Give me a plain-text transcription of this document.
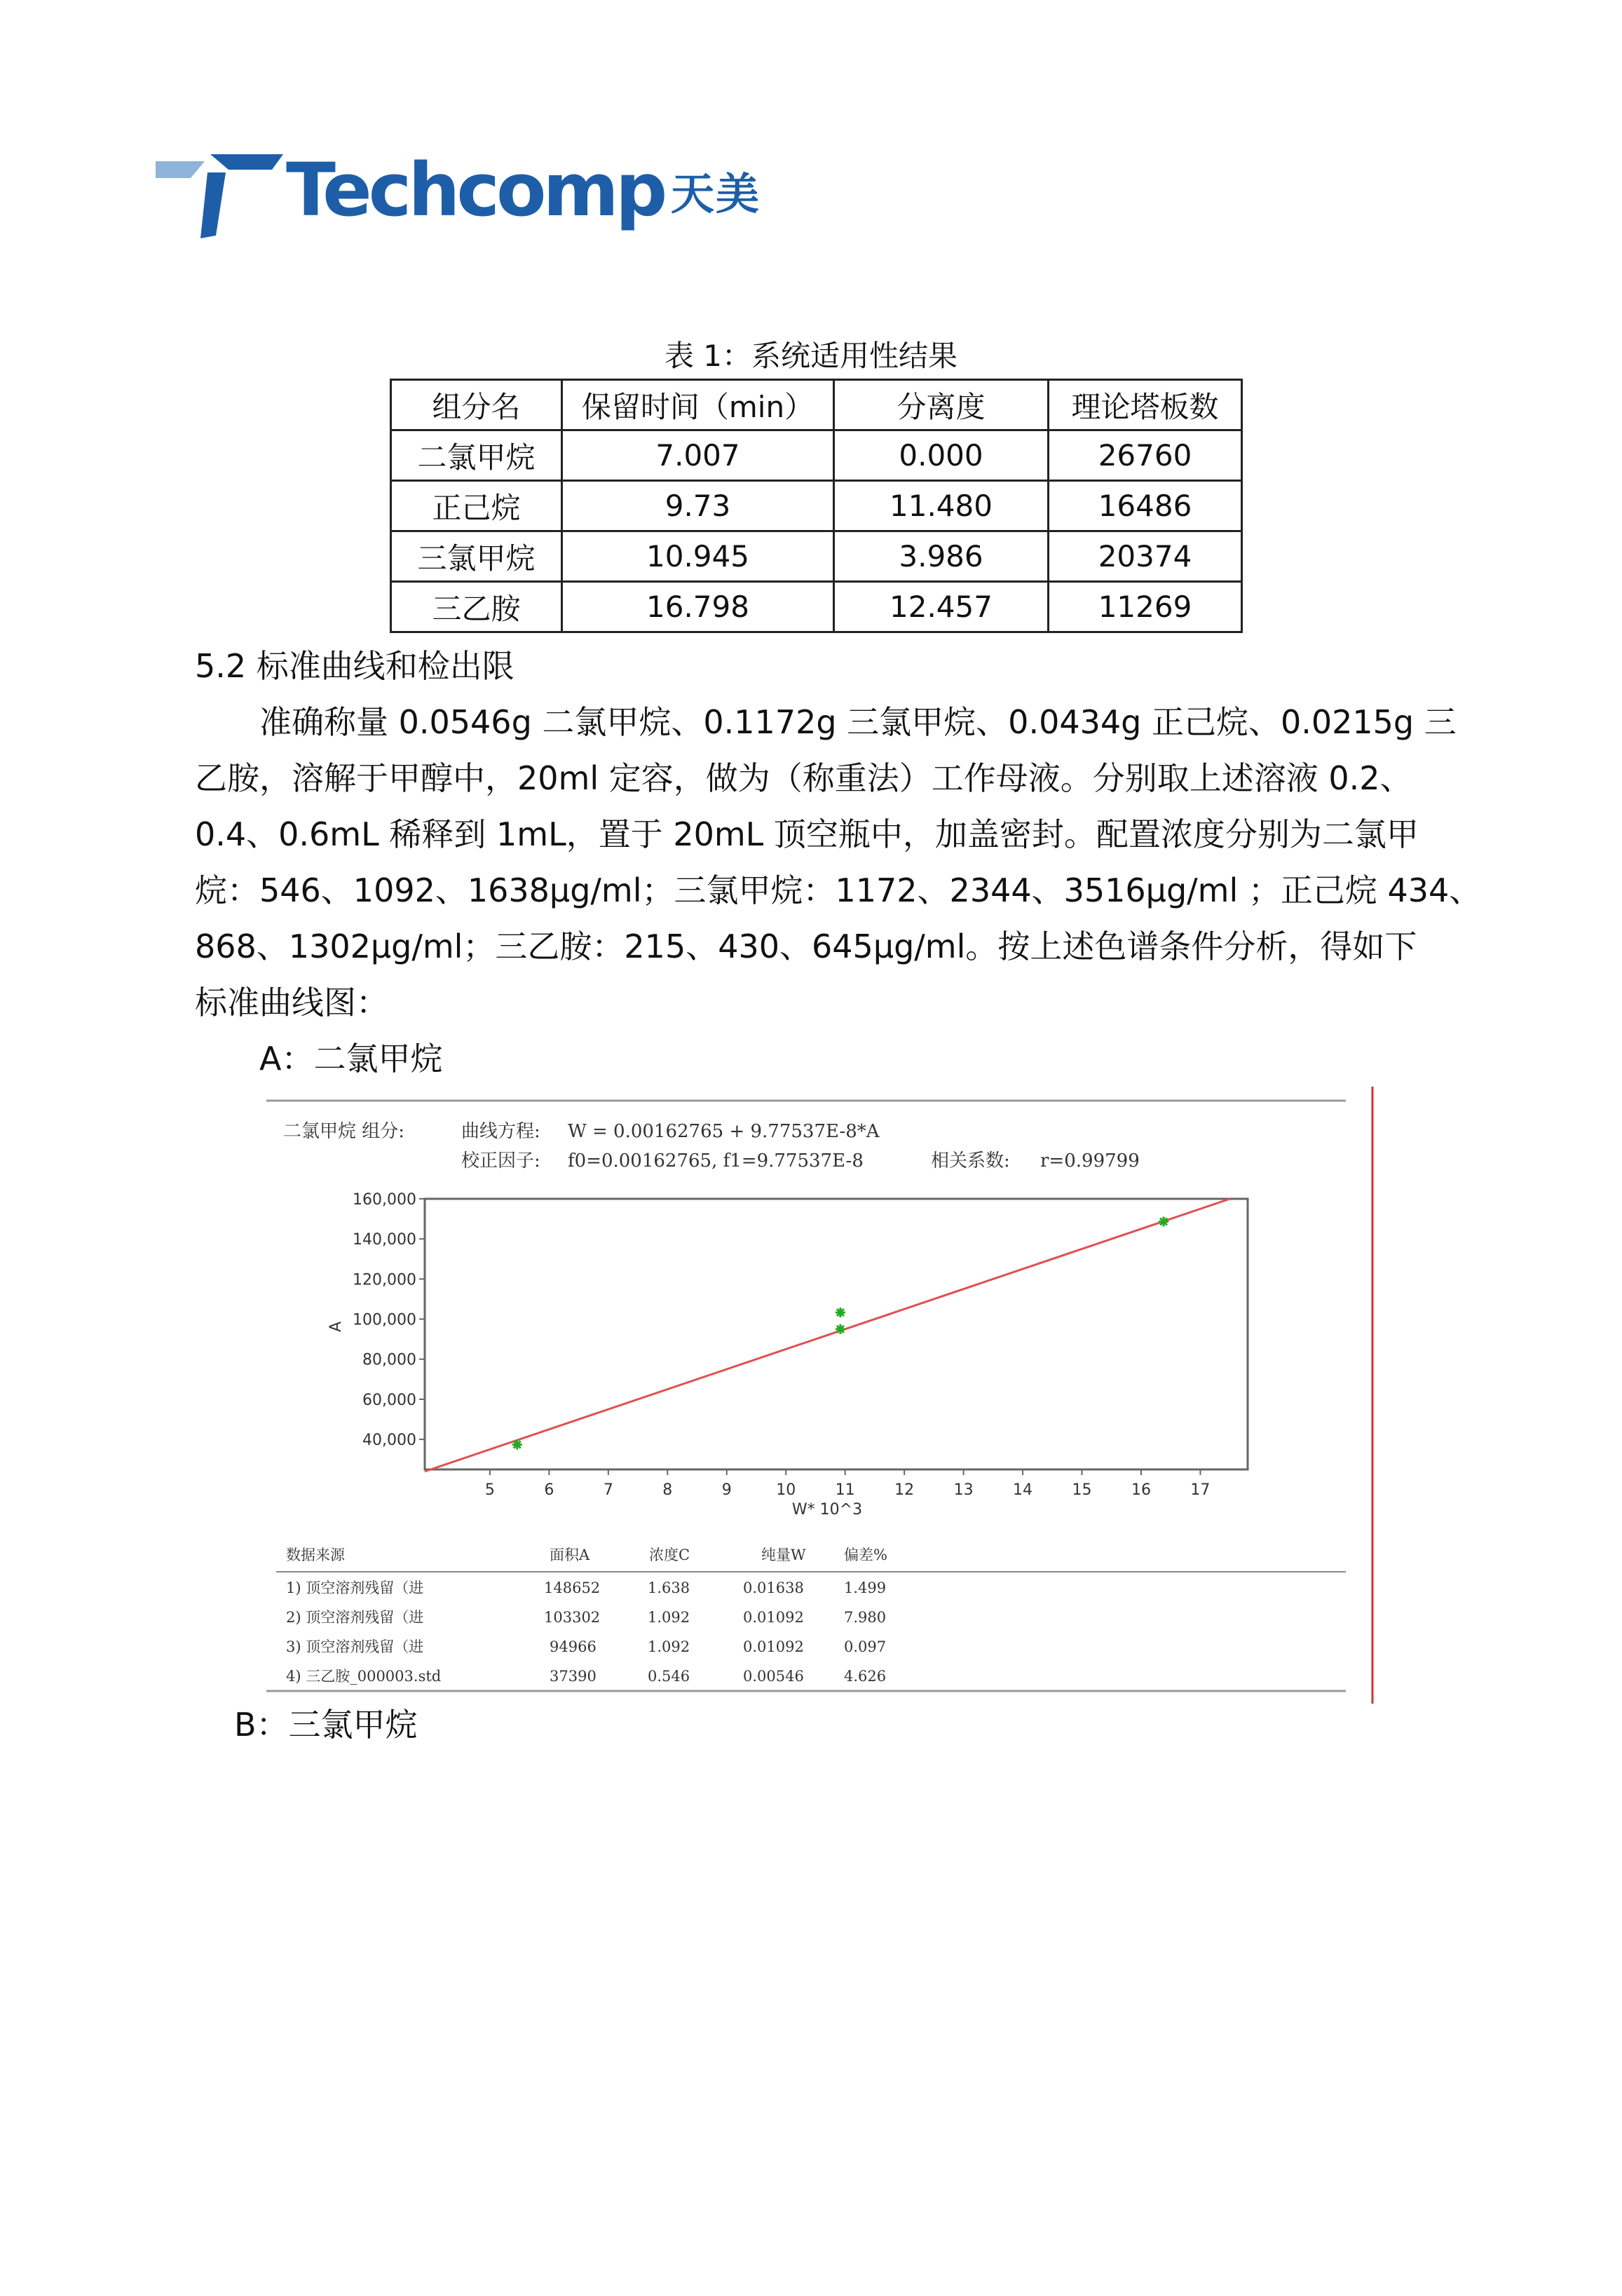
Techcomp 天美
表 1：系统适用性结果
组分名	保留时间（min）	分离度	理论塔板数
二氯甲烷	7.007	0.000	26760
正己烷	9.73	11.480	16486
三氯甲烷	10.945	3.986	20374
三乙胺	16.798	12.457	11269
5.2 标准曲线和检出限
准确称量 0.0546g 二氯甲烷、0.1172g 三氯甲烷、0.0434g 正己烷、0.0215g 三
乙胺，溶解于甲醇中，20ml 定容，做为（称重法）工作母液。分别取上述溶液 0.2、
0.4、0.6mL 稀释到 1mL，置于 20mL 顶空瓶中，加盖密封。配置浓度分别为二氯甲
烷：546、1092、1638μg/ml；三氯甲烷：1172、2344、3516μg/ml ；正己烷 434、
868、1302μg/ml；三乙胺：215、430、645μg/ml。按上述色谱条件分析，得如下
标准曲线图：
A：二氯甲烷
二氯甲烷 组分:	曲线方程: W = 0.00162765 + 9.77537E-8*A
校正因子: f0=0.00162765, f1=9.77537E-8	相关系数: r=0.99799
40,000
60,000
80,000
100,000
120,000
140,000
160,000
5	6	7	8	9	10	11	12	13	14	15	16	17
A
W* 10^3
数据来源	面积A	浓度C	纯量W	偏差%
1) 顶空溶剂残留（进	148652	1.638	0.01638	1.499
2) 顶空溶剂残留（进	103302	1.092	0.01092	7.980
3) 顶空溶剂残留（进	94966	1.092	0.01092	0.097
4) 三乙胺_000003.std	37390	0.546	0.00546	4.626
B：三氯甲烷
